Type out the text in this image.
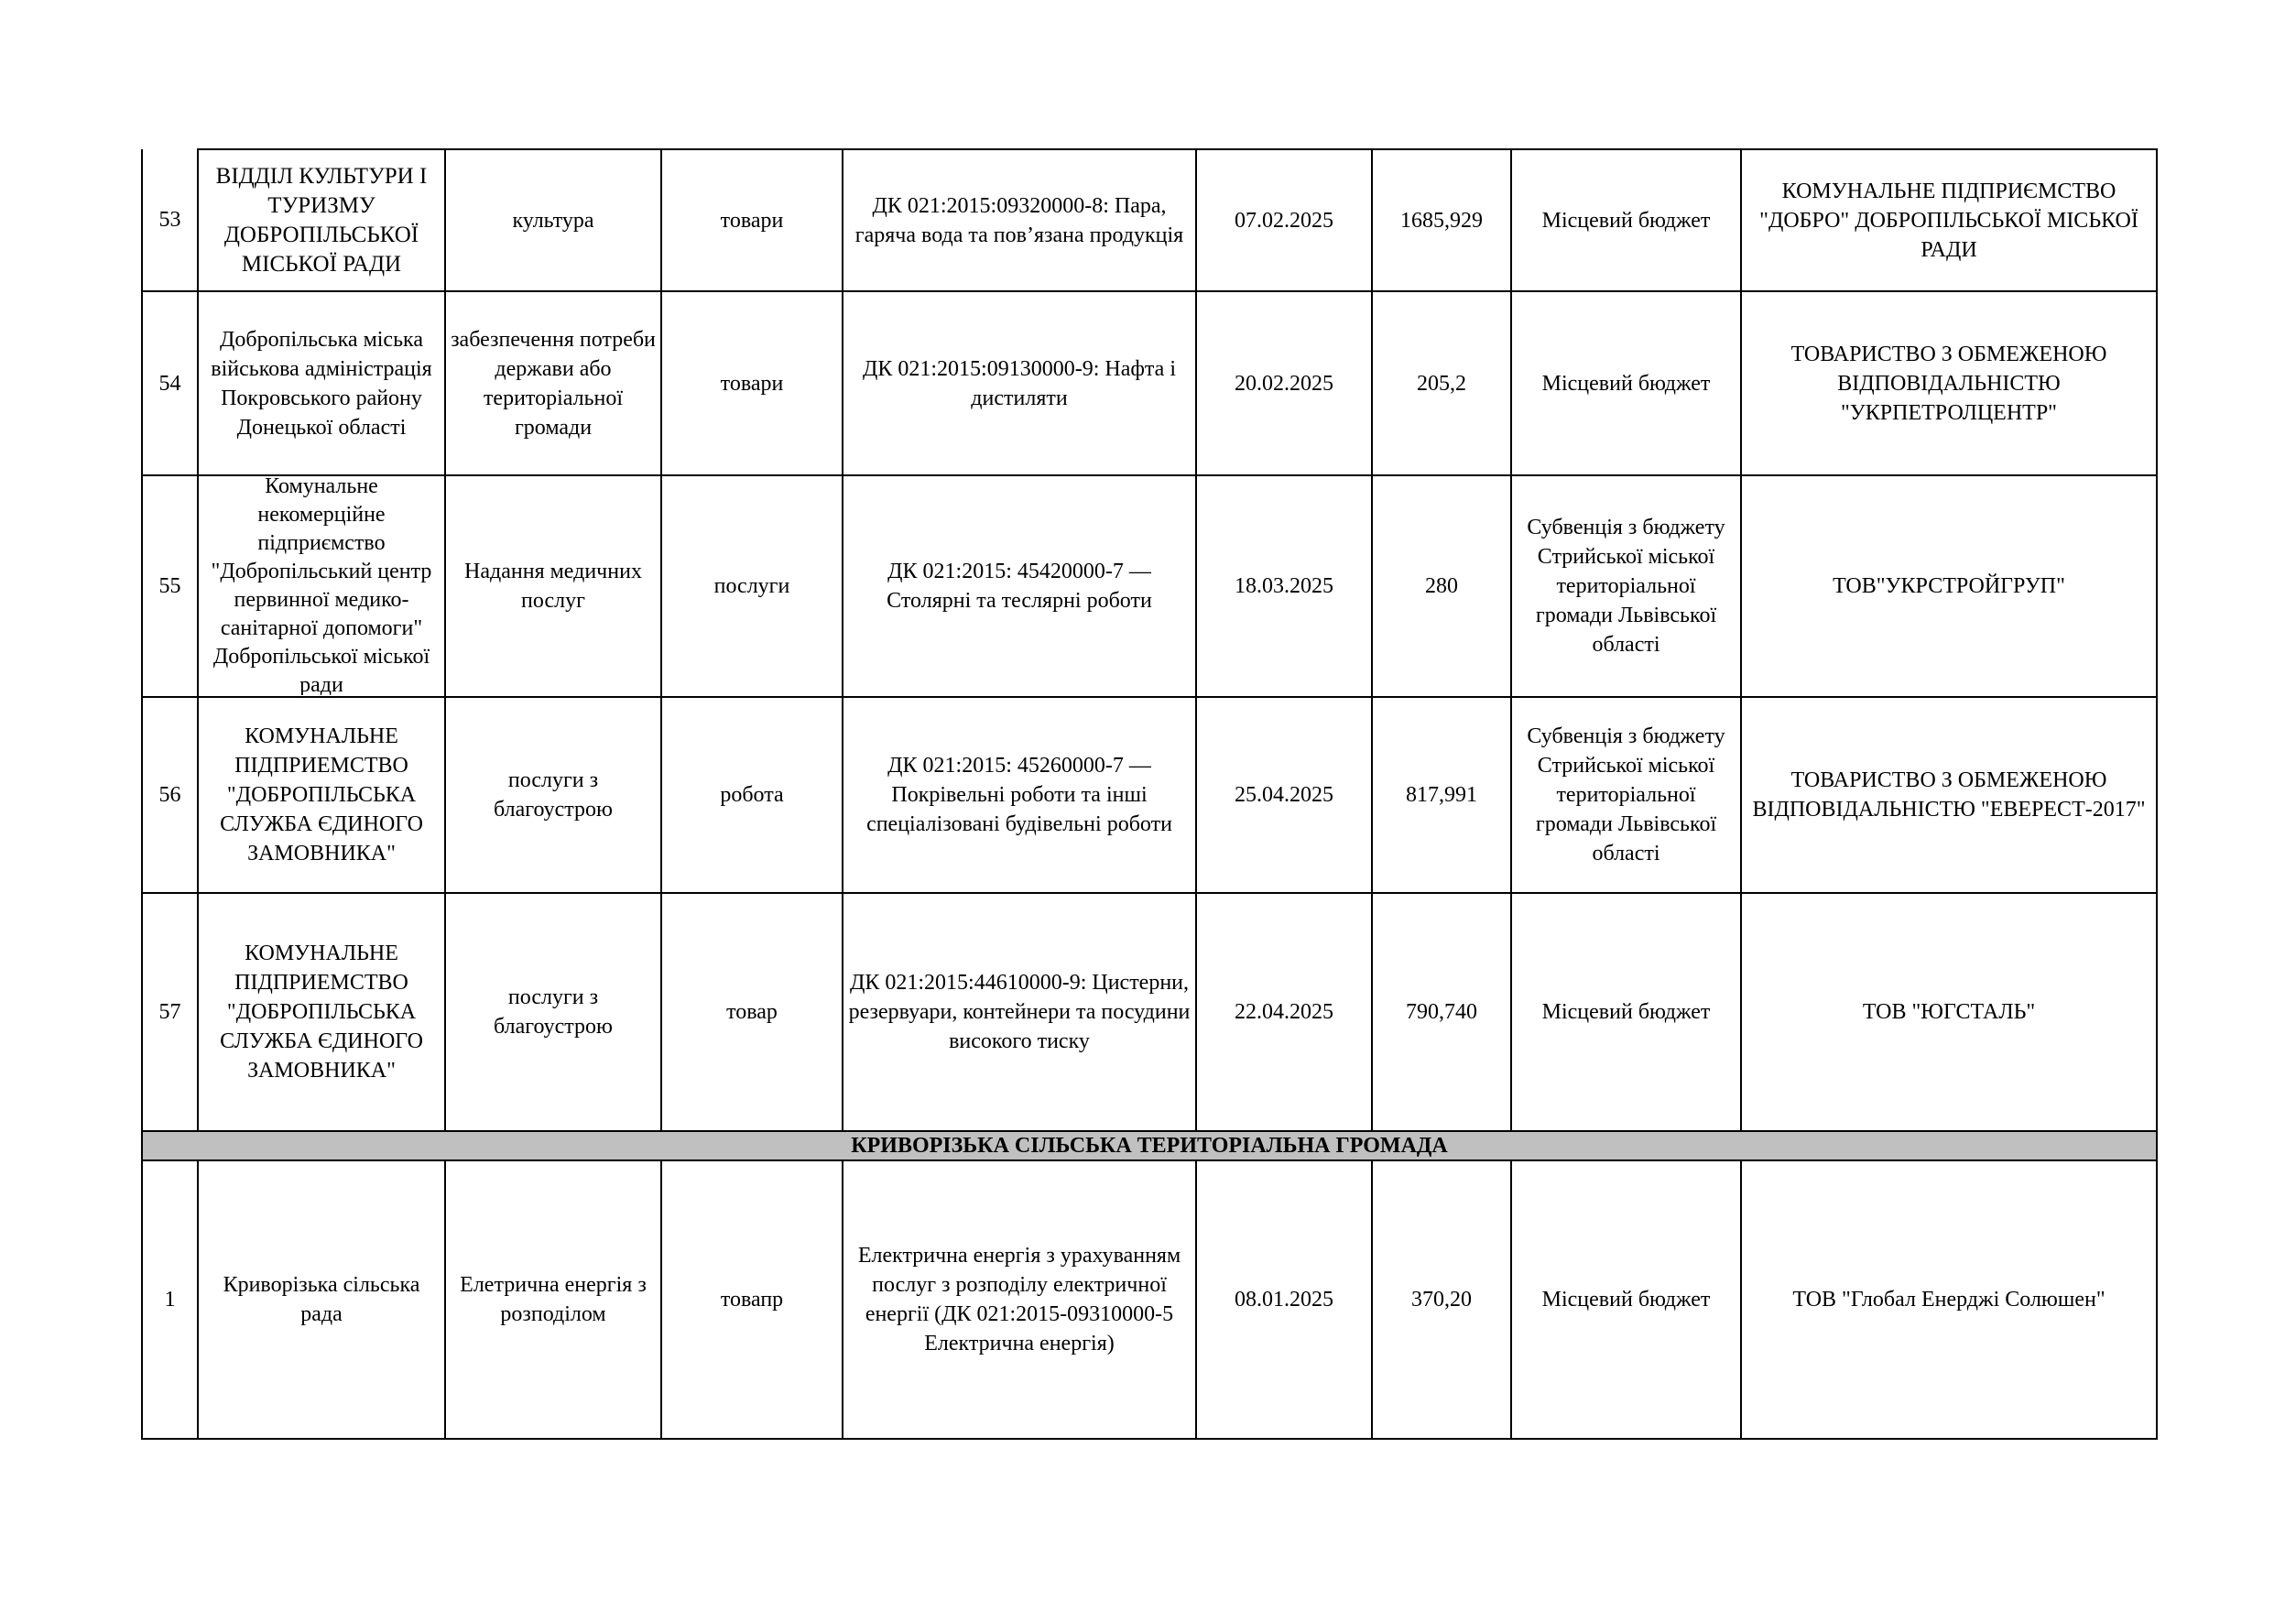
53	ВІДДІЛ КУЛЬТУРИ І ТУРИЗМУ ДОБРОПІЛЬСЬКОЇ МІСЬКОЇ РАДИ	культура	товари	ДК 021:2015:09320000-8: Пара, гаряча вода та пов’язана продукція	07.02.2025	1685,929	Місцевий бюджет	КОМУНАЛЬНЕ ПІДПРИЄМСТВО "ДОБРО" ДОБРОПІЛЬСЬКОЇ МІСЬКОЇ РАДИ
54	Добропільська міська військова адміністрація Покровського району Донецької області	забезпечення потреби держави або територіальної громади	товари	ДК 021:2015:09130000-9: Нафта і дистиляти	20.02.2025	205,2	Місцевий бюджет	ТОВАРИСТВО З ОБМЕЖЕНОЮ ВІДПОВІДАЛЬНІСТЮ "УКРПЕТРОЛЦЕНТР"
55	Комунальне некомерційне підприємство "Добропільський центр первинної медико-санітарної допомоги" Добропільської міської ради	Надання медичних послуг	послуги	ДК 021:2015: 45420000-7 — Столярні та теслярні роботи	18.03.2025	280	Субвенція з бюджету Стрийської міської територіальної громади Львівської області	ТОВ"УКРСТРОЙГРУП"
56	КОМУНАЛЬНЕ ПІДПРИЕМСТВО "ДОБРОПІЛЬСЬКА СЛУЖБА ЄДИНОГО ЗАМОВНИКА"	послуги з благоустрою	робота	ДК 021:2015: 45260000-7 — Покрівельні роботи та інші спеціалізовані будівельні роботи	25.04.2025	817,991	Субвенція з бюджету Стрийської міської територіальної громади Львівської області	ТОВАРИСТВО З ОБМЕЖЕНОЮ ВІДПОВІДАЛЬНІСТЮ "ЕВЕРЕСТ-2017"
57	КОМУНАЛЬНЕ ПІДПРИЕМСТВО "ДОБРОПІЛЬСЬКА СЛУЖБА ЄДИНОГО ЗАМОВНИКА"	послуги з благоустрою	товар	ДК 021:2015:44610000-9: Цистерни, резервуари, контейнери та посудини високого тиску	22.04.2025	790,740	Місцевий бюджет	ТОВ "ЮГСТАЛЬ"
КРИВОРІЗЬКА СІЛЬСЬКА ТЕРИТОРІАЛЬНА ГРОМАДА								
1	Криворізька сільська рада	Елетрична енергія з розподілом	товапр	Електрична енергія з урахуванням послуг з розподілу електричної енергії (ДК 021:2015-09310000-5 Електрична енергія)	08.01.2025	370,20	Місцевий бюджет	ТОВ "Глобал Енерджі Солюшен"
